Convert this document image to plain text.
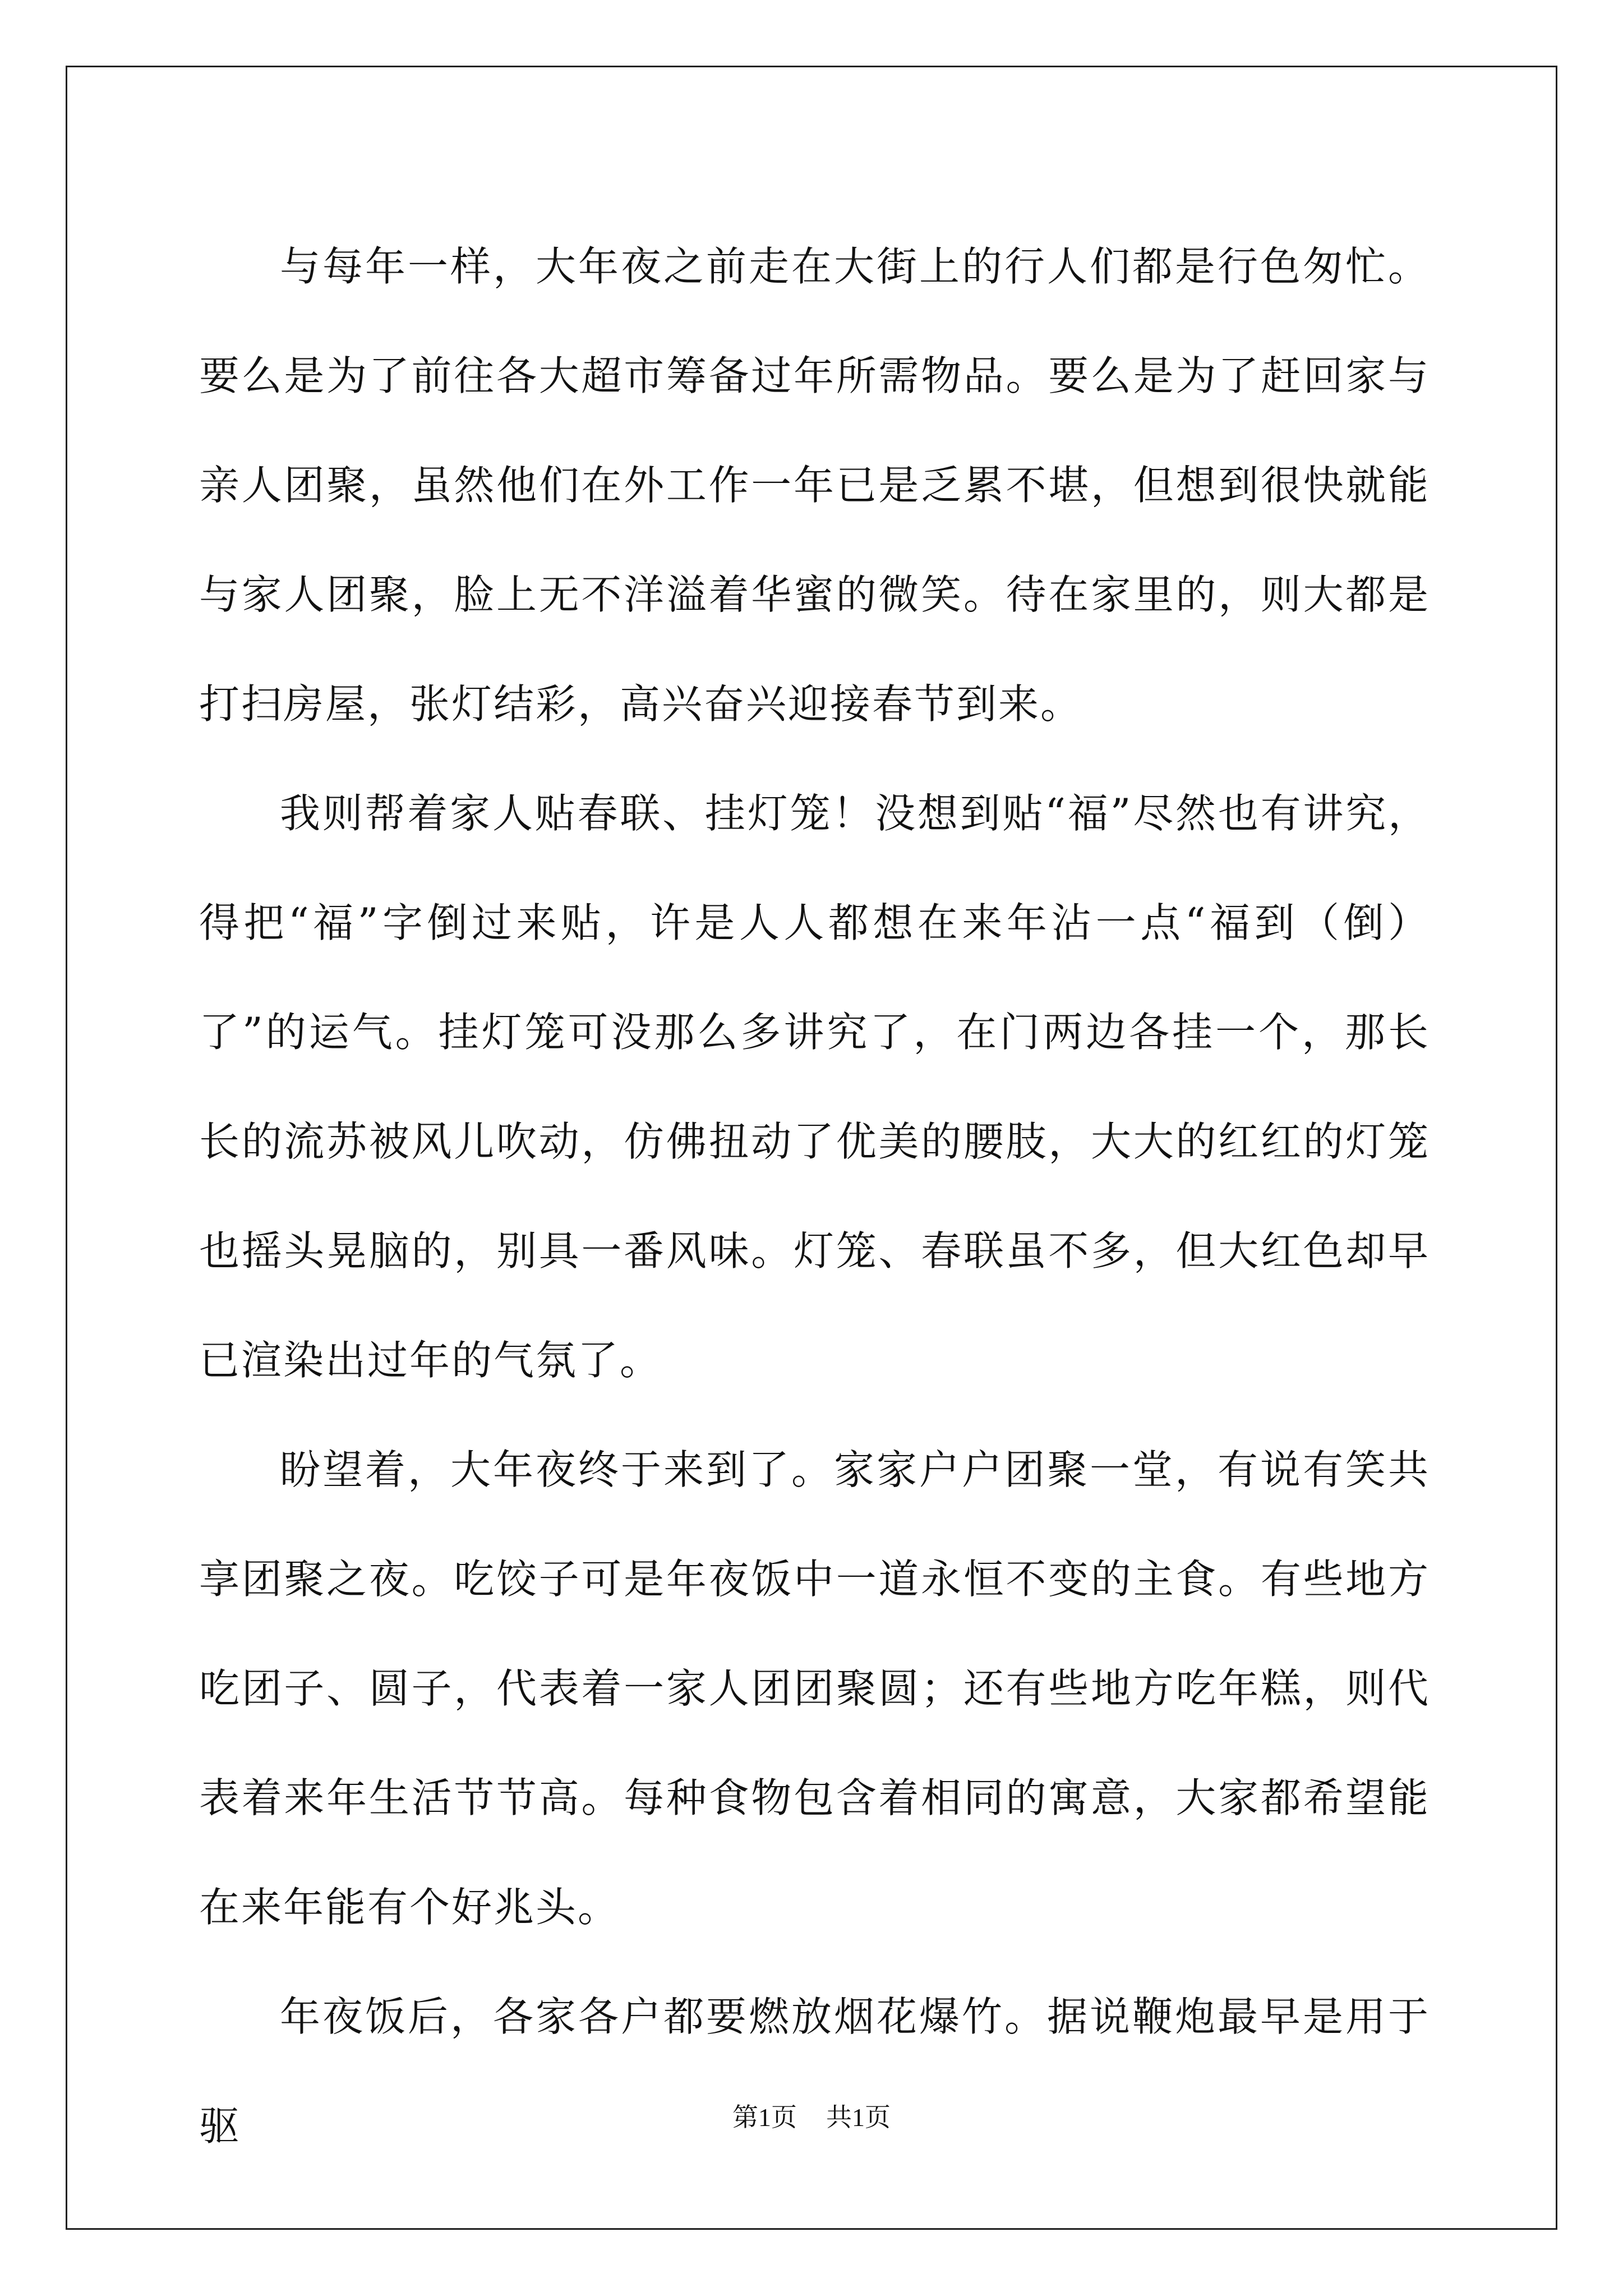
与每年一样，大年夜之前走在大街上的行人们都是行色匆忙。要么是为了前往各大超市筹备过年所需物品。要么是为了赶回家与亲人团聚，虽然他们在外工作一年已是乏累不堪，但想到很快就能与家人团聚，脸上无不洋溢着华蜜的微笑。待在家里的，则大都是打扫房屋，张灯结彩，高兴奋兴迎接春节到来。

我则帮着家人贴春联、挂灯笼！没想到贴“福”尽然也有讲究，得把“福”字倒过来贴，许是人人都想在来年沾一点“福到（倒）了”的运气。挂灯笼可没那么多讲究了，在门两边各挂一个，那长长的流苏被风儿吹动，仿佛扭动了优美的腰肢，大大的红红的灯笼也摇头晃脑的，别具一番风味。灯笼、春联虽不多，但大红色却早已渲染出过年的气氛了。

盼望着，大年夜终于来到了。家家户户团聚一堂，有说有笑共享团聚之夜。吃饺子可是年夜饭中一道永恒不变的主食。有些地方吃团子、圆子，代表着一家人团团聚圆；还有些地方吃年糕，则代表着来年生活节节高。每种食物包含着相同的寓意，大家都希望能在来年能有个好兆头。

年夜饭后，各家各户都要燃放烟花爆竹。据说鞭炮最早是用于驱	第1页 共1页
